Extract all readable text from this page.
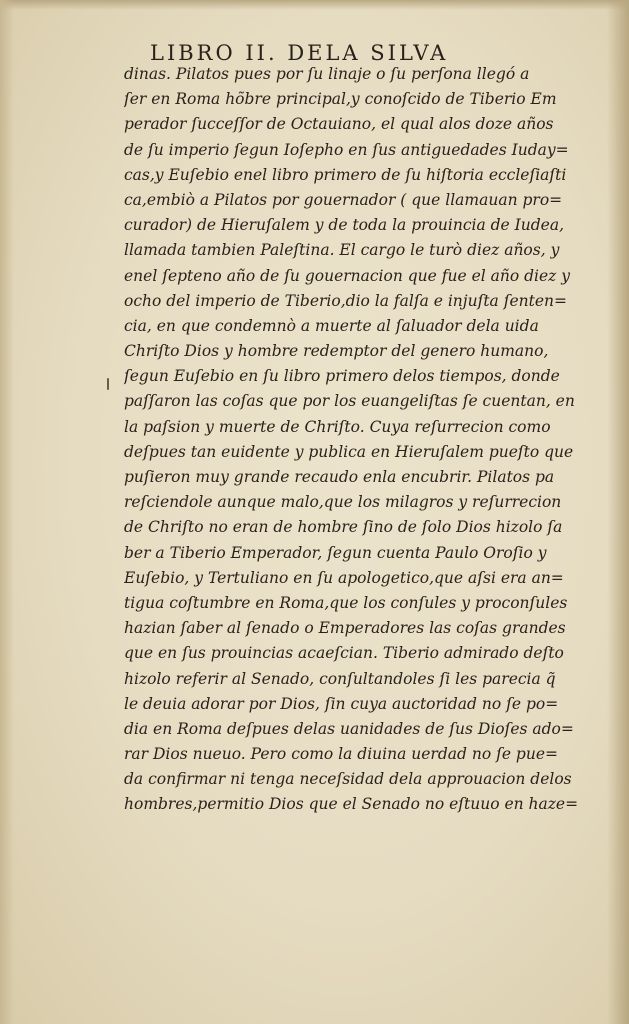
LIBRO II. DELA SILVA
dinas. Pilatos pues por ſu linaje o ſu perſona llegó a
ſer en Roma hõbre principal,y conoſcido de Tiberio Em
perador ſucceſſor de Octauiano, el qual alos doze años
de ſu imperio ſegun Ioſepho en ſus antiguedades Iuday=
cas,y Euſebio enel libro primero de ſu hiſtoria eccleſiaſti
ca,embiò a Pilatos por gouernador ( que llamauan pro=
curador) de Hieruſalem y de toda la prouincia de Iudea,
llamada tambien Paleſtina. El cargo le turò diez años, y
enel ſepteno año de ſu gouernacion que fue el año diez y
ocho del imperio de Tiberio,dio la falſa e injuſta ſenten=
cia, en que condemnò a muerte al ſaluador dela uida
Chriſto Dios y hombre redemptor del genero humano,
ſegun Euſebio en ſu libro primero delos tiempos, donde
paſſaron las coſas que por los euangeliſtas ſe cuentan, en
la paſsion y muerte de Chriſto. Cuya reſurrecion como
deſpues tan euidente y publica en Hieruſalem pueſto que
puſieron muy grande recaudo enla encubrir. Pilatos pa
reſciendole aunque malo,que los milagros y reſurrecion
de Chriſto no eran de hombre ſino de ſolo Dios hizolo ſa
ber a Tiberio Emperador, ſegun cuenta Paulo Oroſio y
Euſebio, y Tertuliano en ſu apologetico,que aſsi era an=
tigua coſtumbre en Roma,que los conſules y proconſules
hazian ſaber al ſenado o Emperadores las coſas grandes
que en ſus prouincias acaeſcian. Tiberio admirado deſto
hizolo referir al Senado, conſultandoles ſi les parecia q̃
le deuia adorar por Dios, ſin cuya auctoridad no ſe po=
dia en Roma deſpues delas uanidades de ſus Dioſes ado=
rar Dios nueuo. Pero como la diuina uerdad no ſe pue=
da confirmar ni tenga neceſsidad dela approuacion delos
hombres,permitio Dios que el Senado no eſtuuo en haze=
